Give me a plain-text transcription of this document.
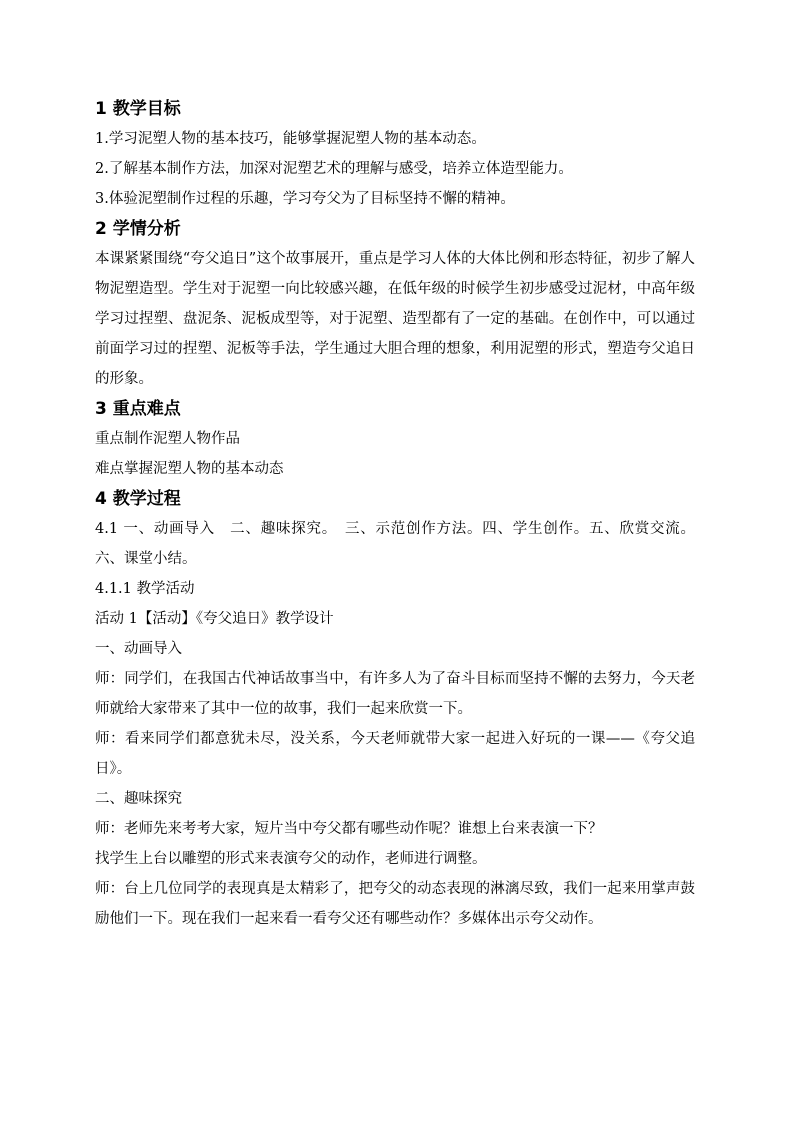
1 教学目标

1.学习泥塑人物的基本技巧，能够掌握泥塑人物的基本动态。

2.了解基本制作方法，加深对泥塑艺术的理解与感受，培养立体造型能力。

3.体验泥塑制作过程的乐趣，学习夸父为了目标坚持不懈的精神。

2 学情分析

本课紧紧围绕“夸父追日”这个故事展开，重点是学习人体的大体比例和形态特征，初步了解人物泥塑造型。学生对于泥塑一向比较感兴趣，在低年级的时候学生初步感受过泥材，中高年级学习过捏塑、盘泥条、泥板成型等，对于泥塑、造型都有了一定的基础。在创作中，可以通过前面学习过的捏塑、泥板等手法，学生通过大胆合理的想象，利用泥塑的形式，塑造夸父追日的形象。

3 重点难点

重点制作泥塑人物作品

难点掌握泥塑人物的基本动态

4 教学过程

4.1 一、动画导入　二、趣味探究。　三、示范创作方法。四、学生创作。五、欣赏交流。六、课堂小结。

4.1.1 教学活动

活动 1【活动】《夸父追日》教学设计

一、动画导入

师：同学们，在我国古代神话故事当中，有许多人为了奋斗目标而坚持不懈的去努力，今天老师就给大家带来了其中一位的故事，我们一起来欣赏一下。

师：看来同学们都意犹未尽，没关系，今天老师就带大家一起进入好玩的一课——《夸父追日》。

二、趣味探究

师：老师先来考考大家，短片当中夸父都有哪些动作呢？谁想上台来表演一下？

找学生上台以雕塑的形式来表演夸父的动作，老师进行调整。

师：台上几位同学的表现真是太精彩了，把夸父的动态表现的淋漓尽致，我们一起来用掌声鼓励他们一下。现在我们一起来看一看夸父还有哪些动作？多媒体出示夸父动作。
